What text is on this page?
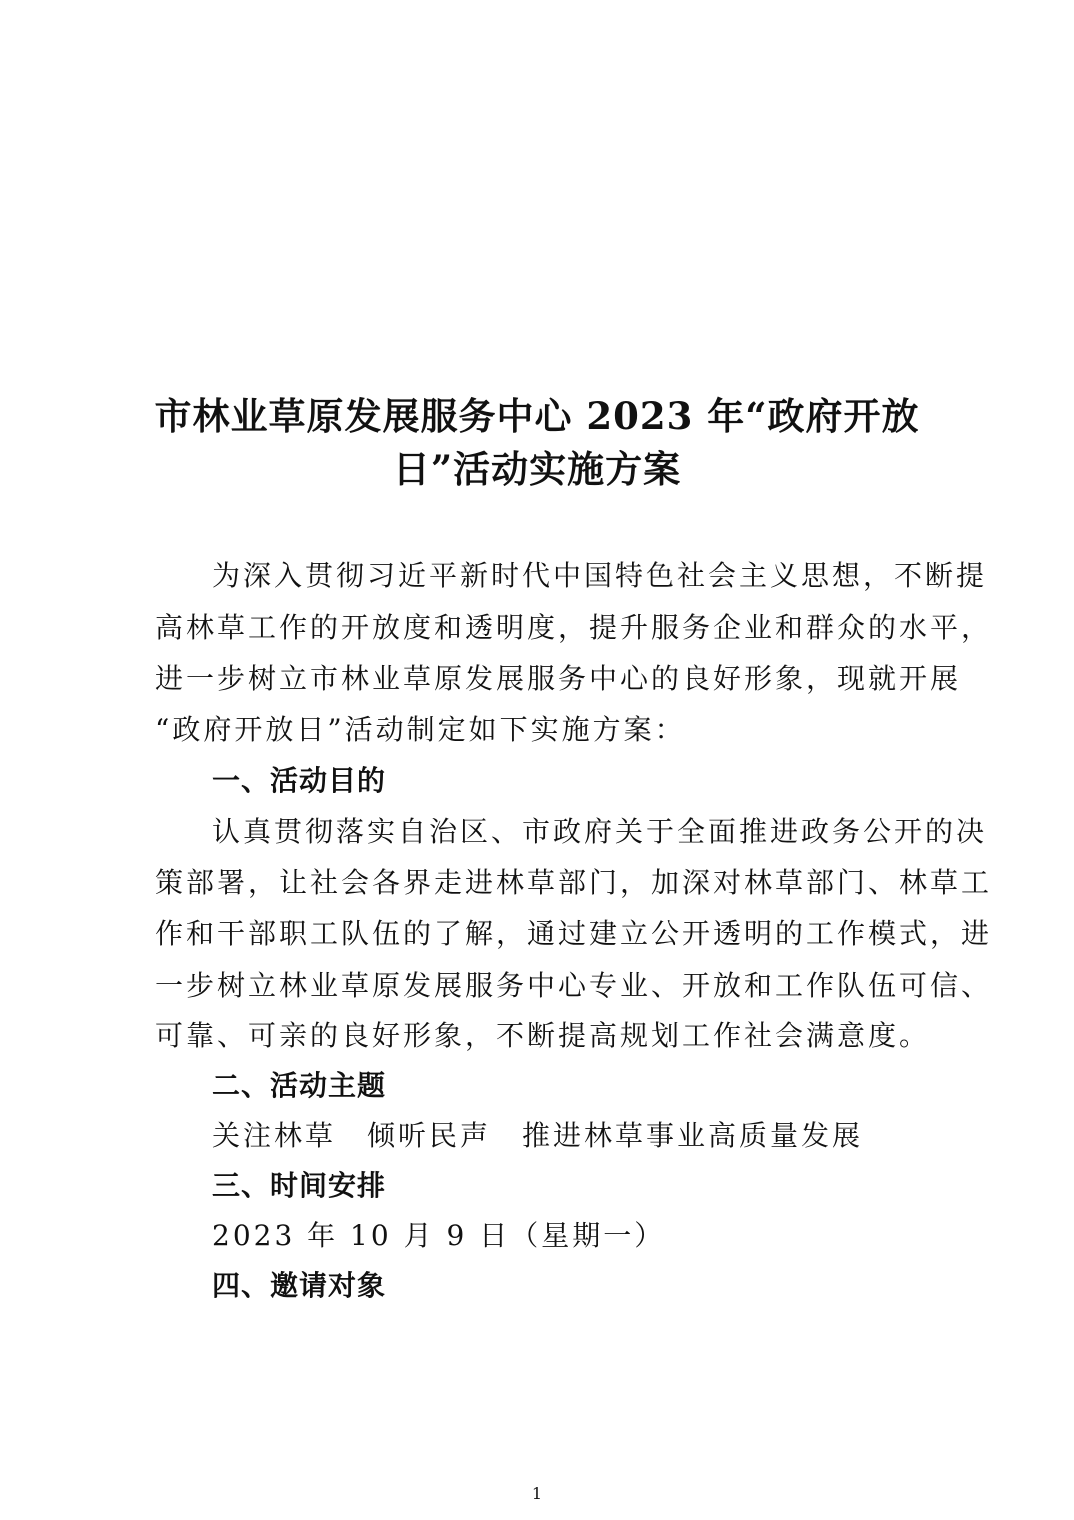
市林业草原发展服务中心 2023 年“政府开放
日”活动实施方案
为深入贯彻习近平新时代中国特色社会主义思想，不断提
高林草工作的开放度和透明度，提升服务企业和群众的水平，
进一步树立市林业草原发展服务中心的良好形象，现就开展
“政府开放日”活动制定如下实施方案：
一、活动目的
认真贯彻落实自治区、市政府关于全面推进政务公开的决
策部署，让社会各界走进林草部门，加深对林草部门、林草工
作和干部职工队伍的了解，通过建立公开透明的工作模式，进
一步树立林业草原发展服务中心专业、开放和工作队伍可信、
可靠、可亲的良好形象，不断提高规划工作社会满意度。
二、活动主题
关注林草　倾听民声　推进林草事业高质量发展
三、时间安排
2023 年 10 月 9 日（星期一）
四、邀请对象
1
